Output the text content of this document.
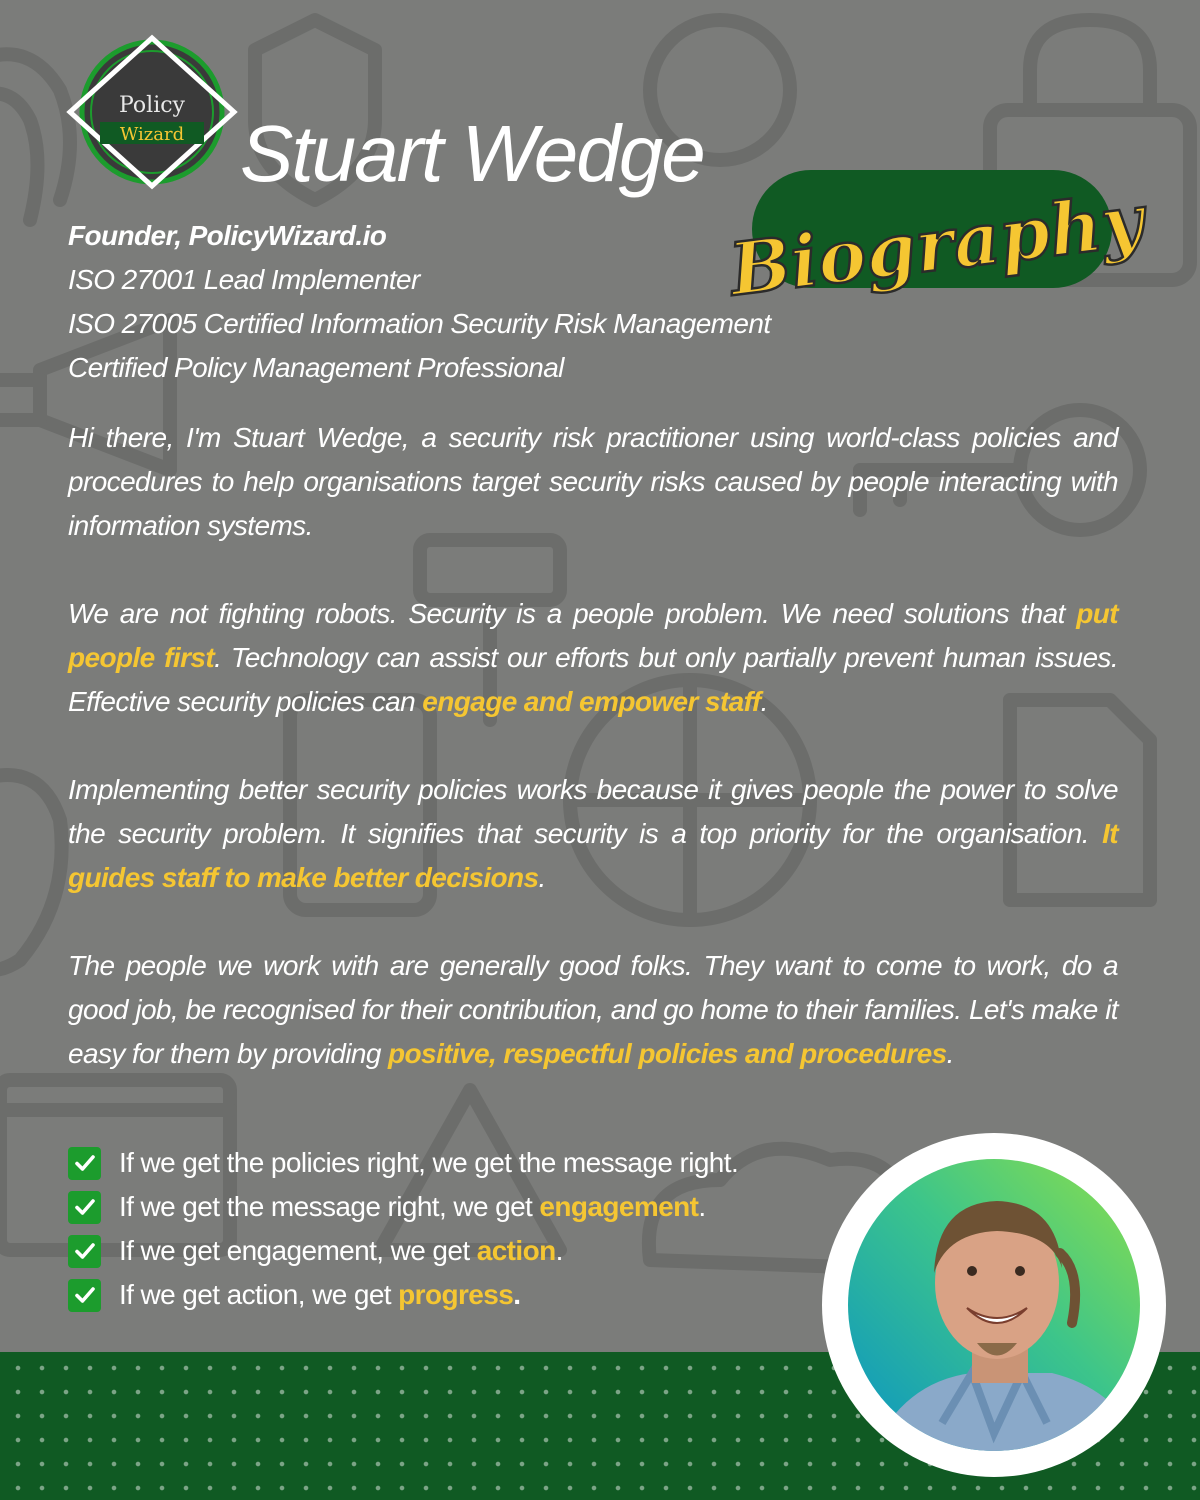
Policy
Wizard Stuart Wedge
Biography
Founder, PolicyWizard.io
ISO 27001 Lead Implementer
ISO 27005 Certified Information Security Risk Management
Certified Policy Management Professional

Hi there, I'm Stuart Wedge, a security risk practitioner using world-class policies and procedures to help organisations target security risks caused by people interacting with information systems.

We are not fighting robots. Security is a people problem. We need solutions that put people first. Technology can assist our efforts but only partially prevent human issues. Effective security policies can engage and empower staff.

Implementing better security policies works because it gives people the power to solve the security problem. It signifies that security is a top priority for the organisation. It guides staff to make better decisions.

The people we work with are generally good folks. They want to come to work, do a good job, be recognised for their contribution, and go home to their families. Let's make it easy for them by providing positive, respectful policies and procedures.

If we get the policies right, we get the message right.
If we get the message right, we get engagement.
If we get engagement, we get action.
If we get action, we get progress.
